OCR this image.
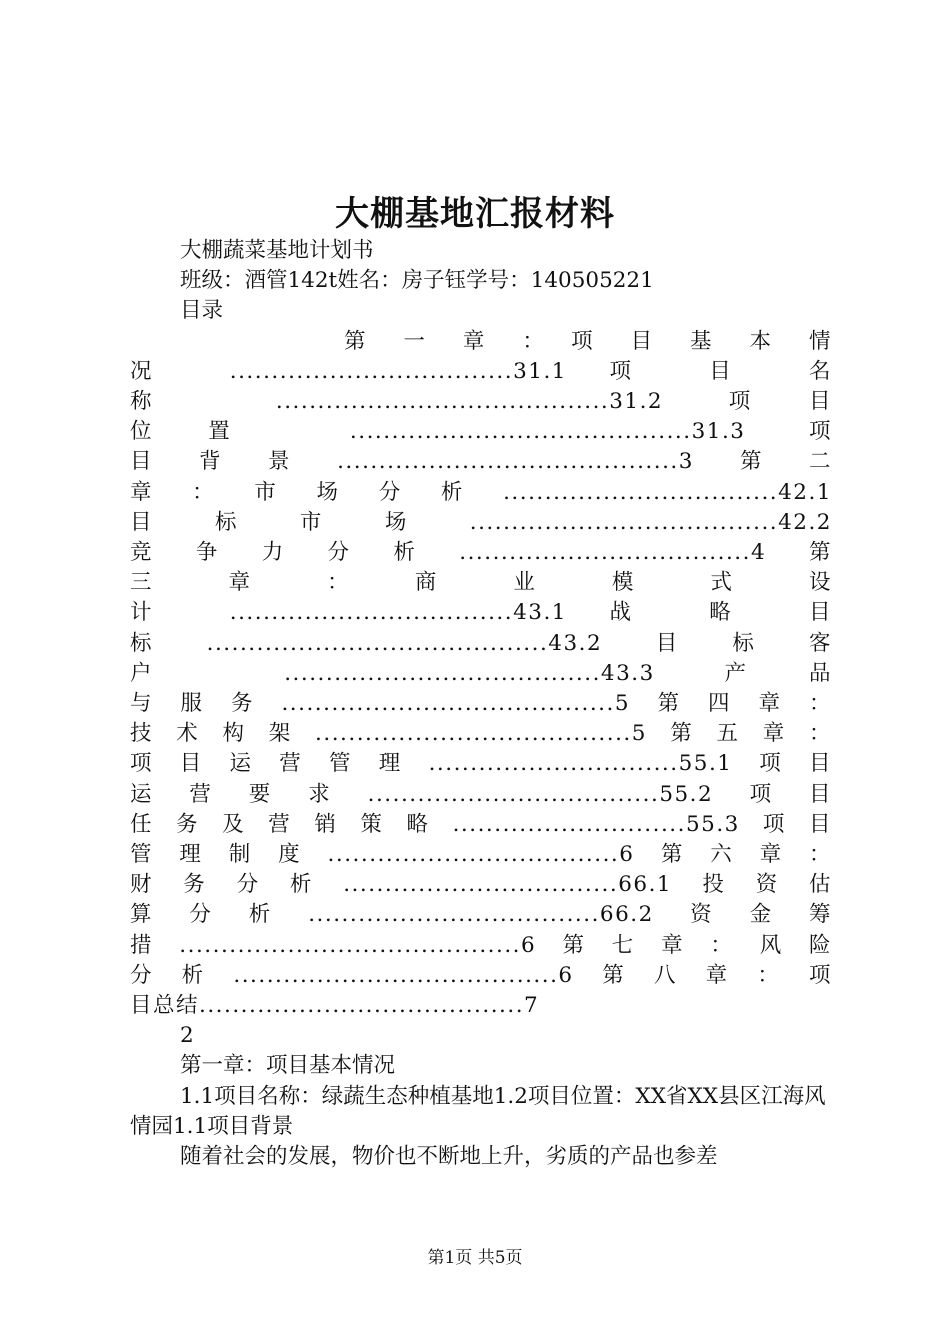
大棚基地汇报材料
大棚蔬菜基地计划书
班级：酒管142t姓名：房子钰学号：140505221
目录
第　一　章　：　项　目　基　本　情
况 ..................................31.1 项 目 名
称 ........................................31.2 项目
位置 .........................................31.3 项
目背景.........................................3第二
章：市场分析.................................42.1
目标市场.....................................42.2
竞争力分析...................................4第
三　　章　　：　　商　　业　　模　　式　　设
计 ..................................43.1 战 略 目
标.........................................43.2目标客
户 ......................................43.3 产品
与服务........................................5第四章：
技术构架......................................5第五章：
项目运营管理..............................55.1项目
运营要求...................................55.2项目
任务及营销策略............................55.3项目
管理制度...................................6第六章：
财务分析.................................66.1投资估
算分析...................................66.2资金筹
措.........................................6第七章：风险
分析.......................................6第八章：项
目总结.......................................7
2
第一章：项目基本情况
1.1项目名称：绿蔬生态种植基地1.2项目位置：XX省XX县区江海风情园1.1项目背景
随着社会的发展，物价也不断地上升，劣质的产品也参差
第1页 共5页
